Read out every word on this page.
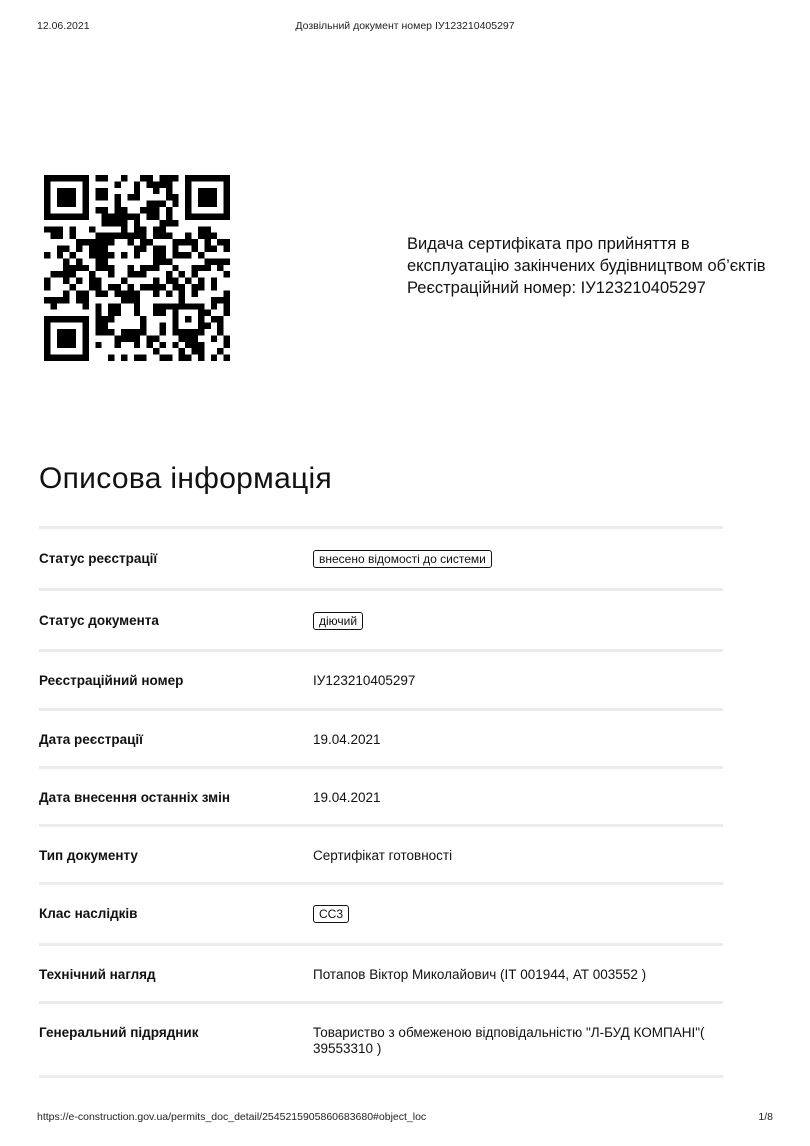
12.06.2021	Дозвільний документ номер ІУ123210405297
Видача сертифіката про прийняття в експлуатацію закінчених будівництвом об’єктів
Реєстраційний номер: ІУ123210405297
Описова інформація
Статус реєстрації	внесено відомості до системи
Статус документа	діючий
Реєстраційний номер	ІУ123210405297
Дата реєстрації	19.04.2021
Дата внесення останніх змін	19.04.2021
Тип документу	Сертифікат готовності
Клас наслідків	СС3
Технічний нагляд	Потапов Віктор Миколайович (ІТ 001944, АТ 003552 )
Генеральний підрядник	Товариство з обмеженою відповідальністю "Л-БУД КОМПАНІ"( 39553310 )
https://e-construction.gov.ua/permits_doc_detail/2545215905860683680#object_loc	1/8
